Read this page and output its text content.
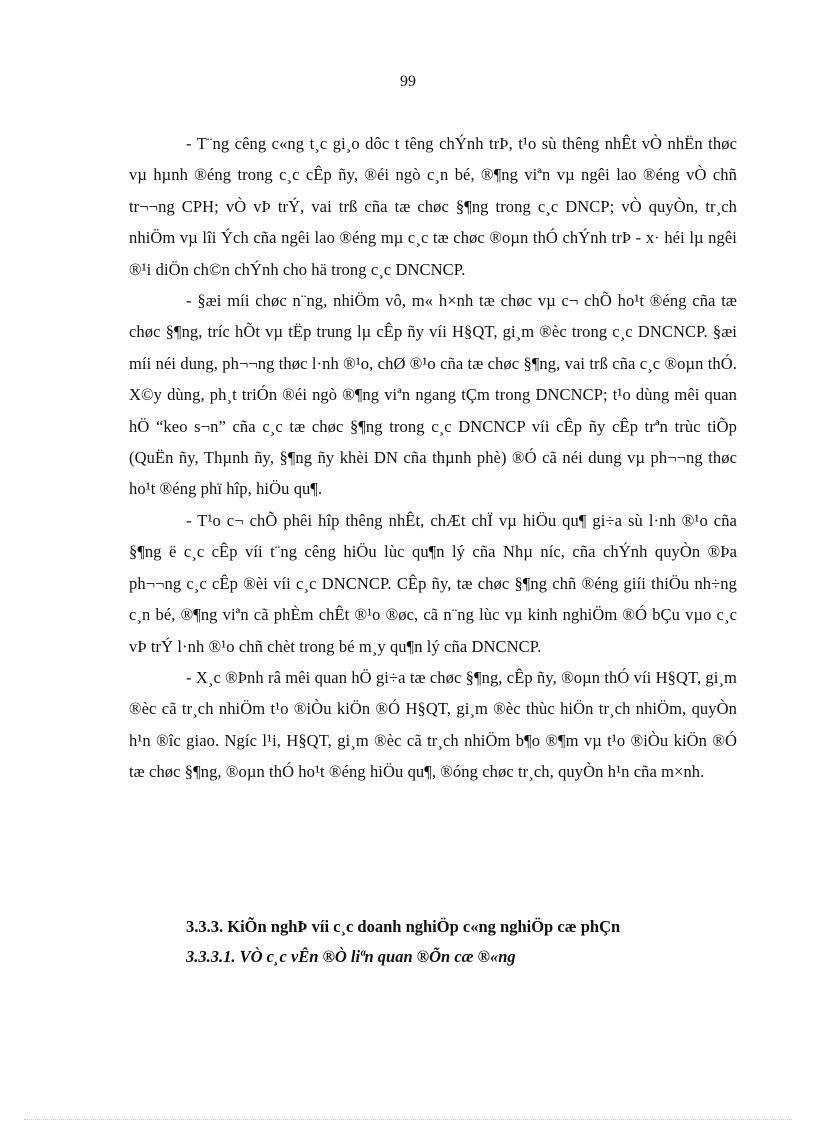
99

- T¨ng cêng c«ng t¸c gi¸o dôc t têng chÝnh trÞ, t¹o sù thêng nhÊt vÒ nhËn thøc vµ hµnh ®éng trong c¸c cÊp ñy, ®éi ngò c¸n bé, ®¶ng viªn vµ ngêi lao ®éng vÒ chñ tr¬¬ng CPH; vÒ vÞ trÝ, vai trß cña tæ chøc §¶ng trong c¸c DNCP; vÒ quyÒn, tr¸ch nhiÖm vµ lîi Ých cña ngêi lao ®éng mµ c¸c tæ chøc ®oµn thÓ chÝnh trÞ - x· héi lµ ngêi ®¹i diÖn ch©n chÝnh cho hä trong c¸c DNCNCP.

- §æi míi chøc n¨ng, nhiÖm vô, m« h×nh tæ chøc vµ c¬ chÕ ho¹t ®éng cña tæ chøc §¶ng, tríc hÕt vµ tËp trung lµ cÊp ñy víi H§QT, gi¸m ®èc trong c¸c DNCNCP. §æi míi néi dung, ph¬¬ng thøc l·nh ®¹o, chØ ®¹o cña tæ chøc §¶ng, vai trß cña c¸c ®oµn thÓ. X©y dùng, ph¸t triÓn ®éi ngò ®¶ng viªn ngang tÇm trong DNCNCP; t¹o dùng mêi quan hÖ “keo s¬n” cña c¸c tæ chøc §¶ng trong c¸c DNCNCP víi cÊp ñy cÊp trªn trùc tiÕp (QuËn ñy, Thµnh ñy, §¶ng ñy khèi DN cña thµnh phè) ®Ó cã néi dung vµ ph¬¬ng thøc ho¹t ®éng phï hîp, hiÖu qu¶.

- T¹o c¬ chÕ phêi hîp thêng nhÊt, chÆt chÏ vµ hiÖu qu¶ gi÷a sù l·nh ®¹o cña §¶ng ë c¸c cÊp víi t¨ng cêng hiÖu lùc qu¶n lý cña Nhµ níc, cña chÝnh quyÒn ®Þa ph¬¬ng c¸c cÊp ®èi víi c¸c DNCNCP. CÊp ñy, tæ chøc §¶ng chñ ®éng giíi thiÖu nh÷ng c¸n bé, ®¶ng viªn cã phÈm chÊt ®¹o ®øc, cã n¨ng lùc vµ kinh nghiÖm ®Ó bÇu vµo c¸c vÞ trÝ l·nh ®¹o chñ chèt trong bé m¸y qu¶n lý cña DNCNCP.

- X¸c ®Þnh râ mêi quan hÖ gi÷a tæ chøc §¶ng, cÊp ñy, ®oµn thÓ víi H§QT, gi¸m ®èc cã tr¸ch nhiÖm t¹o ®iÒu kiÖn ®Ó H§QT, gi¸m ®èc thùc hiÖn tr¸ch nhiÖm, quyÒn h¹n ®îc giao. Ngíc l¹i, H§QT, gi¸m ®èc cã tr¸ch nhiÖm b¶o ®¶m vµ t¹o ®iÒu kiÖn ®Ó tæ chøc §¶ng, ®oµn thÓ ho¹t ®éng hiÖu qu¶, ®óng chøc tr¸ch, quyÒn h¹n cña m×nh.

3.3.3. KiÕn nghÞ víi c¸c doanh nghiÖp c«ng nghiÖp cæ phÇn
3.3.3.1. VÒ c¸c vÊn ®Ò liªn quan ®Õn cæ ®«ng
